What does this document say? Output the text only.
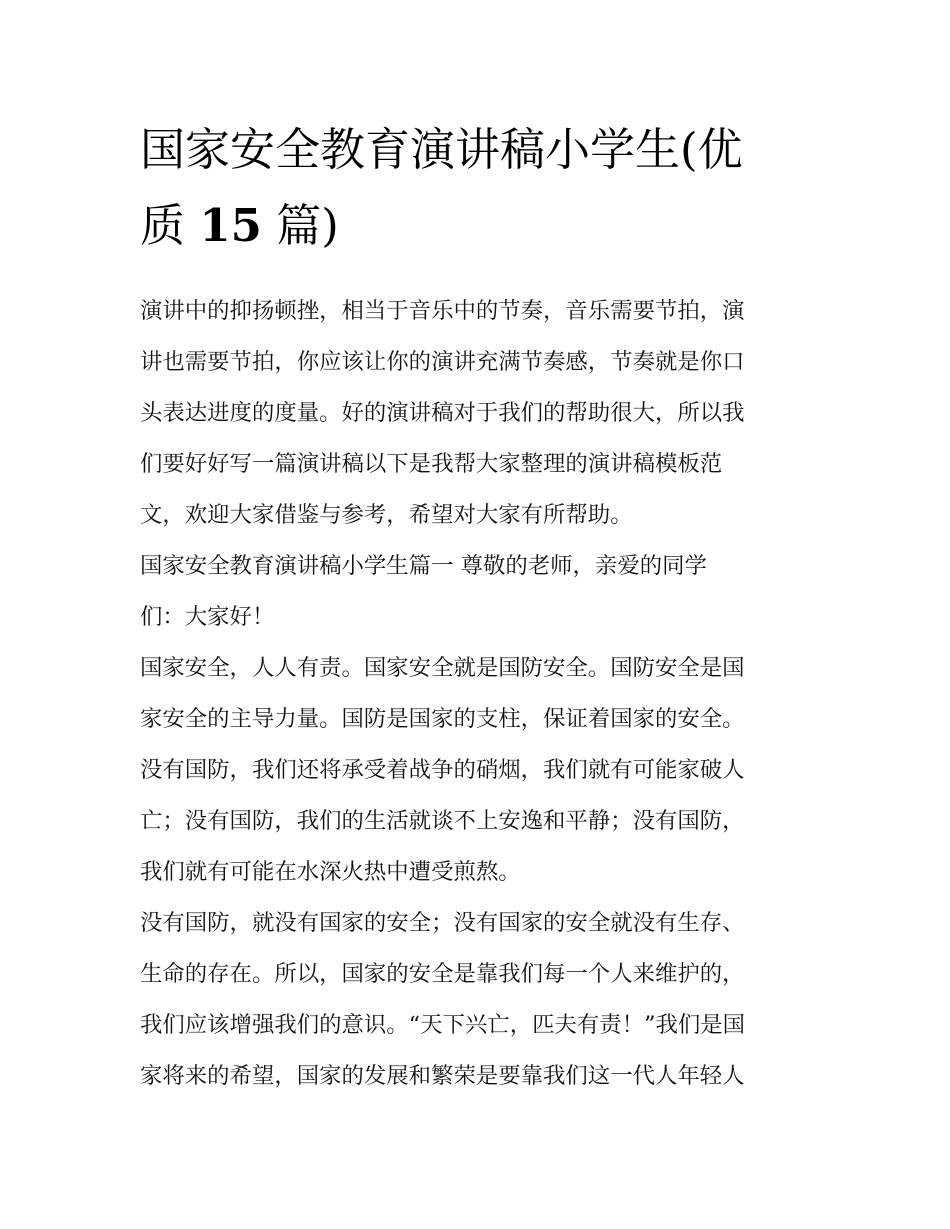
国家安全教育演讲稿小学生(优
质 15 篇)
演讲中的抑扬顿挫，相当于音乐中的节奏，音乐需要节拍，演
讲也需要节拍，你应该让你的演讲充满节奏感，节奏就是你口
头表达进度的度量。好的演讲稿对于我们的帮助很大，所以我
们要好好写一篇演讲稿以下是我帮大家整理的演讲稿模板范
文，欢迎大家借鉴与参考，希望对大家有所帮助。
国家安全教育演讲稿小学生篇一 尊敬的老师，亲爱的同学
们：大家好！
国家安全，人人有责。国家安全就是国防安全。国防安全是国
家安全的主导力量。国防是国家的支柱，保证着国家的安全。
没有国防，我们还将承受着战争的硝烟，我们就有可能家破人
亡；没有国防，我们的生活就谈不上安逸和平静；没有国防，
我们就有可能在水深火热中遭受煎熬。
没有国防，就没有国家的安全；没有国家的安全就没有生存、
生命的存在。所以，国家的安全是靠我们每一个人来维护的，
我们应该增强我们的意识。“天下兴亡，匹夫有责！”我们是国
家将来的希望，国家的发展和繁荣是要靠我们这一代人年轻人
